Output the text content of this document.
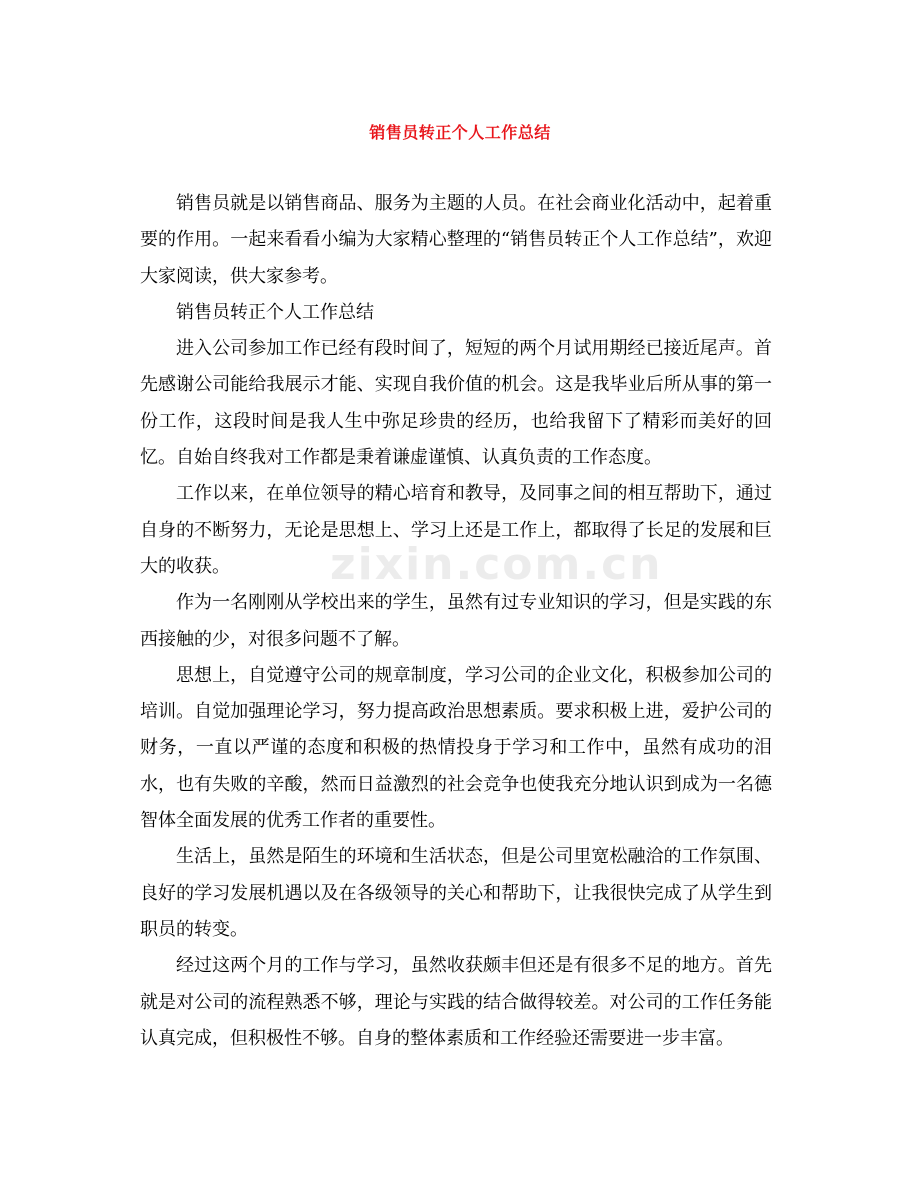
销售员转正个人工作总结

销售员就是以销售商品、服务为主题的人员。在社会商业化活动中，起着重要的作用。一起来看看小编为大家精心整理的“销售员转正个人工作总结”，欢迎大家阅读，供大家参考。

销售员转正个人工作总结

进入公司参加工作已经有段时间了，短短的两个月试用期经已接近尾声。首先感谢公司能给我展示才能、实现自我价值的机会。这是我毕业后所从事的第一份工作，这段时间是我人生中弥足珍贵的经历，也给我留下了精彩而美好的回忆。自始自终我对工作都是秉着谦虚谨慎、认真负责的工作态度。

工作以来，在单位领导的精心培育和教导，及同事之间的相互帮助下，通过自身的不断努力，无论是思想上、学习上还是工作上，都取得了长足的发展和巨大的收获。

作为一名刚刚从学校出来的学生，虽然有过专业知识的学习，但是实践的东西接触的少，对很多问题不了解。

思想上，自觉遵守公司的规章制度，学习公司的企业文化，积极参加公司的培训。自觉加强理论学习，努力提高政治思想素质。要求积极上进，爱护公司的财务，一直以严谨的态度和积极的热情投身于学习和工作中，虽然有成功的泪水，也有失败的辛酸，然而日益激烈的社会竞争也使我充分地认识到成为一名德智体全面发展的优秀工作者的重要性。

生活上，虽然是陌生的环境和生活状态，但是公司里宽松融洽的工作氛围、良好的学习发展机遇以及在各级领导的关心和帮助下，让我很快完成了从学生到职员的转变。

经过这两个月的工作与学习，虽然收获颇丰但还是有很多不足的地方。首先就是对公司的流程熟悉不够，理论与实践的结合做得较差。对公司的工作任务能认真完成，但积极性不够。自身的整体素质和工作经验还需要进一步丰富。

zixin.com.cn
